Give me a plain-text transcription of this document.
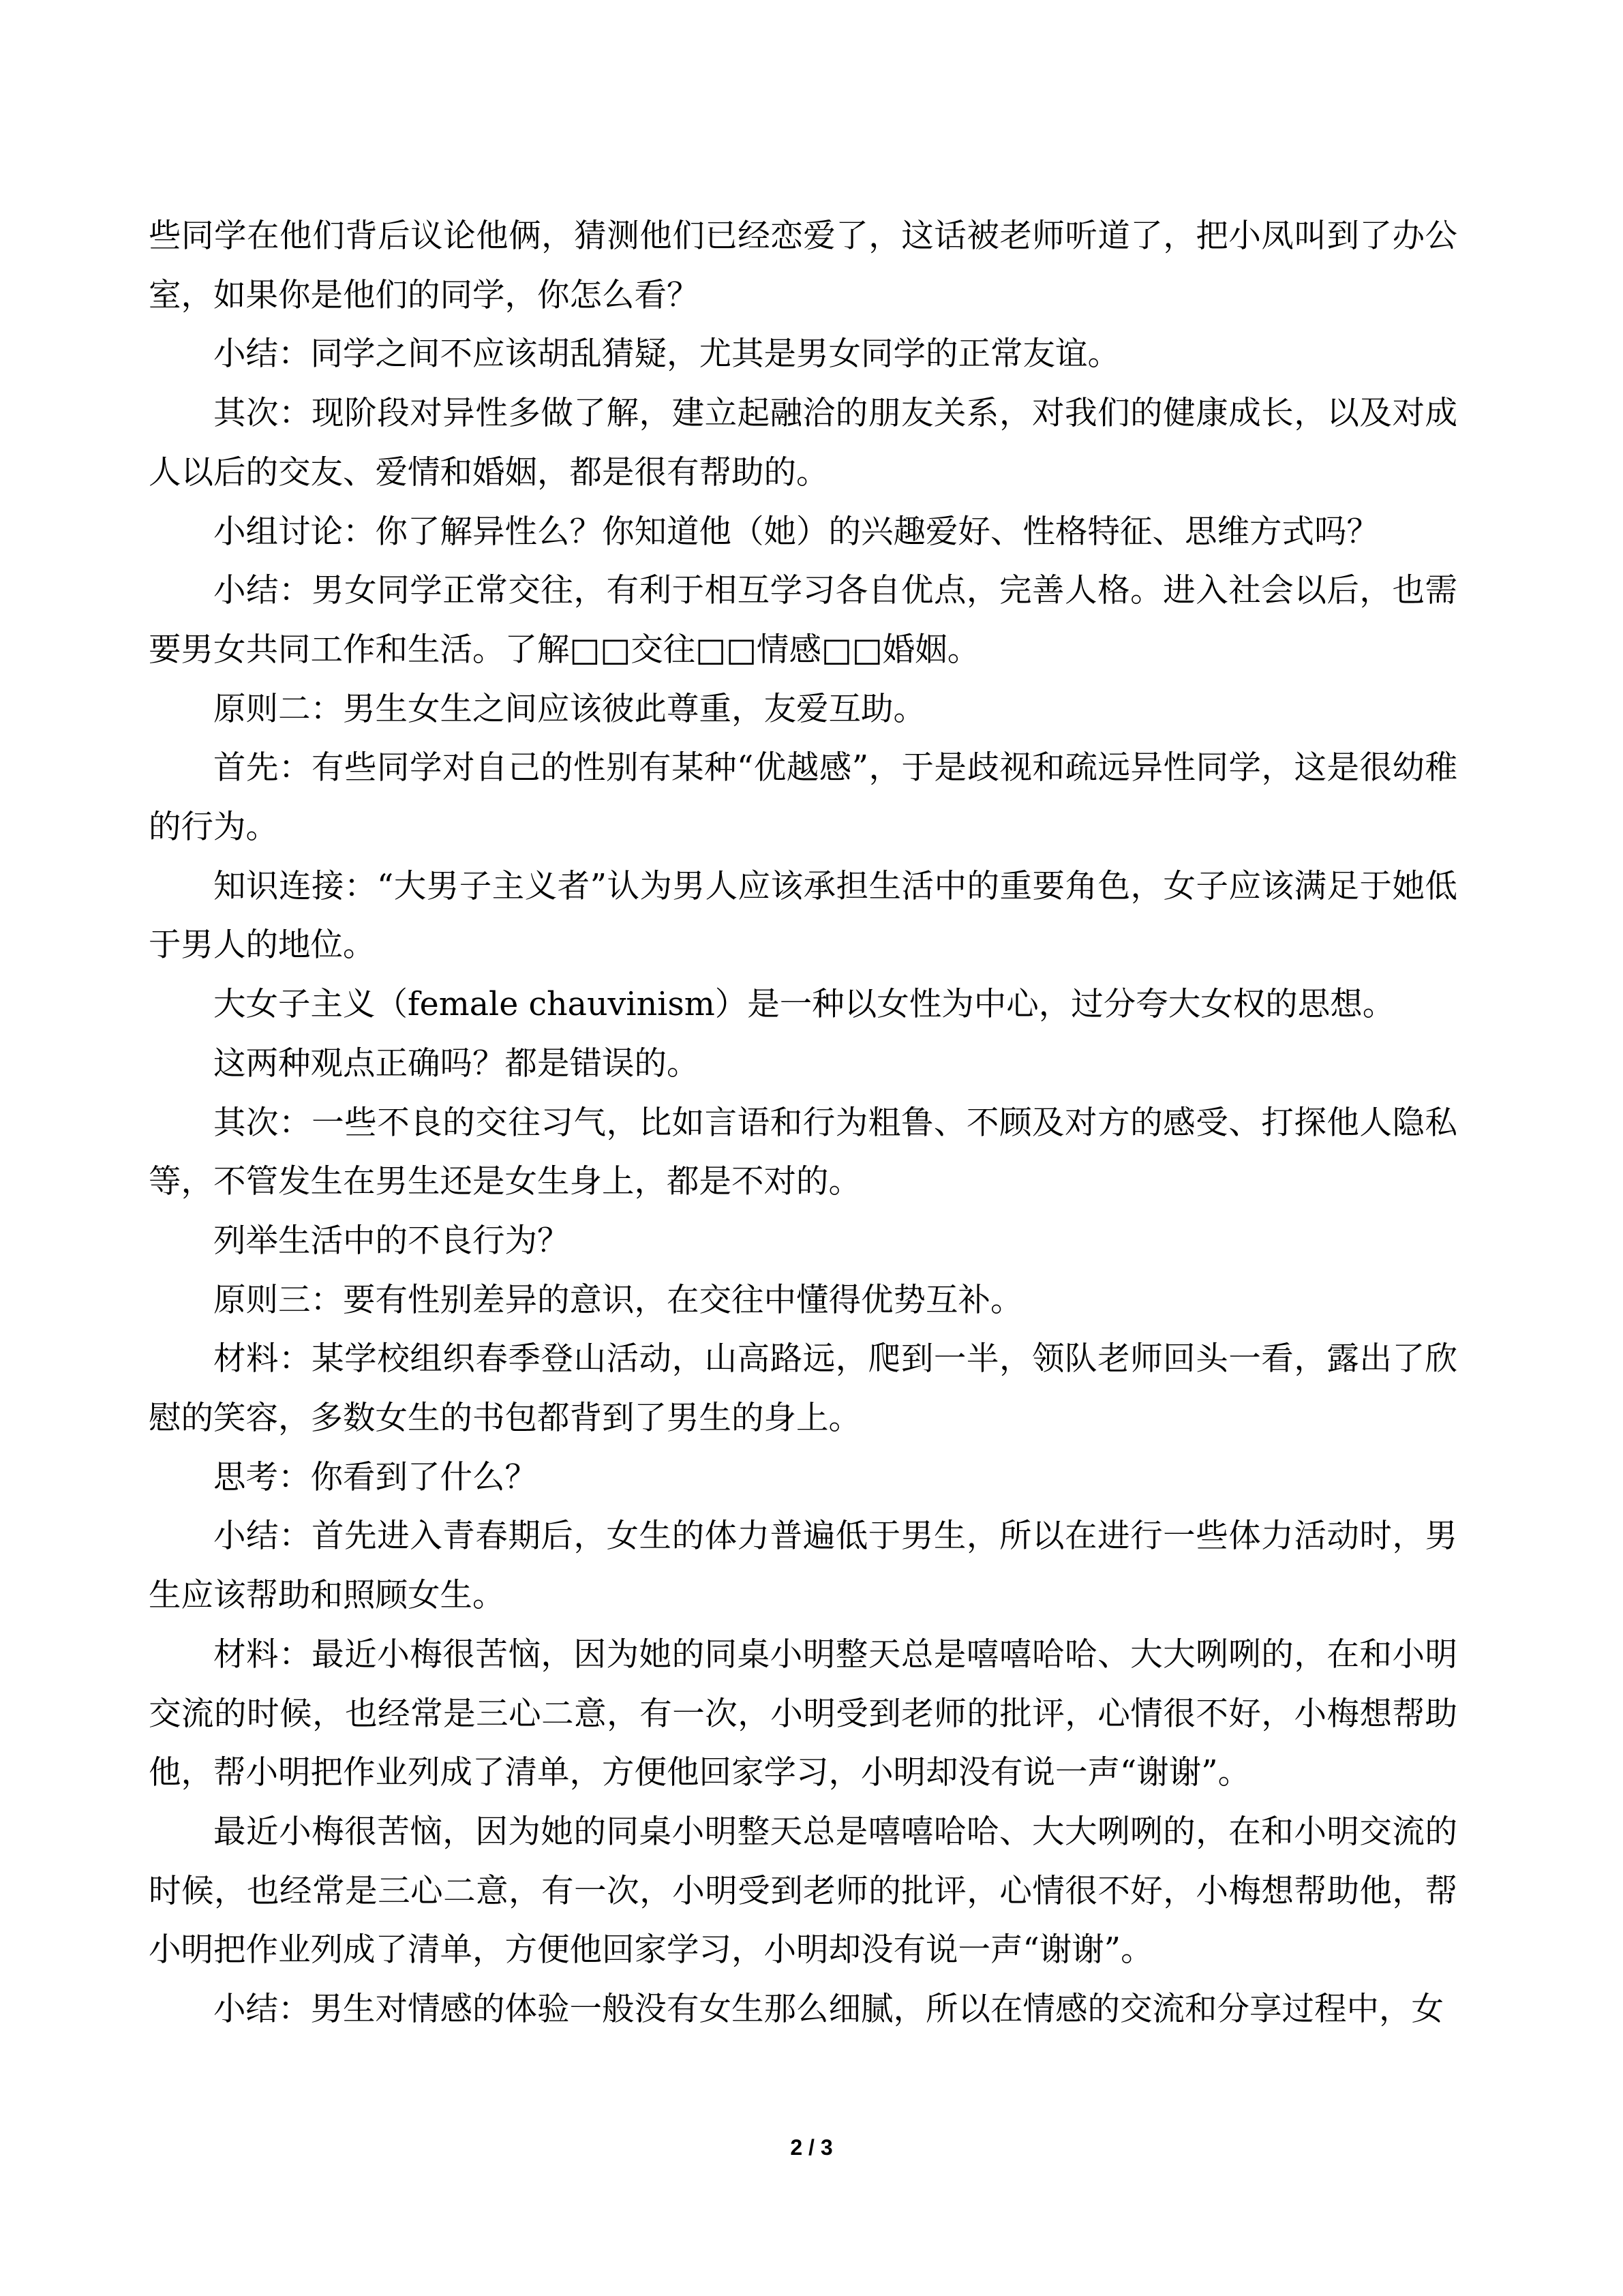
些同学在他们背后议论他俩，猜测他们已经恋爱了，这话被老师听道了，把小凤叫到了办公室，如果你是他们的同学，你怎么看？

小结：同学之间不应该胡乱猜疑，尤其是男女同学的正常友谊。

其次：现阶段对异性多做了解，建立起融洽的朋友关系，对我们的健康成长，以及对成人以后的交友、爱情和婚姻，都是很有帮助的。

小组讨论：你了解异性么？你知道他（她）的兴趣爱好、性格特征、思维方式吗？

小结：男女同学正常交往，有利于相互学习各自优点，完善人格。进入社会以后，也需要男女共同工作和生活。了解□□交往□□情感□□婚姻。

原则二：男生女生之间应该彼此尊重，友爱互助。

首先：有些同学对自己的性别有某种“优越感”，于是歧视和疏远异性同学，这是很幼稚的行为。

知识连接：“大男子主义者”认为男人应该承担生活中的重要角色，女子应该满足于她低于男人的地位。

大女子主义（female chauvinism）是一种以女性为中心，过分夸大女权的思想。

这两种观点正确吗？都是错误的。

其次：一些不良的交往习气，比如言语和行为粗鲁、不顾及对方的感受、打探他人隐私等，不管发生在男生还是女生身上，都是不对的。

列举生活中的不良行为？

原则三：要有性别差异的意识，在交往中懂得优势互补。

材料：某学校组织春季登山活动，山高路远，爬到一半，领队老师回头一看，露出了欣慰的笑容，多数女生的书包都背到了男生的身上。

思考：你看到了什么？

小结：首先进入青春期后，女生的体力普遍低于男生，所以在进行一些体力活动时，男生应该帮助和照顾女生。

材料：最近小梅很苦恼，因为她的同桌小明整天总是嘻嘻哈哈、大大咧咧的，在和小明交流的时候，也经常是三心二意，有一次，小明受到老师的批评，心情很不好，小梅想帮助他，帮小明把作业列成了清单，方便他回家学习，小明却没有说一声“谢谢”。

最近小梅很苦恼，因为她的同桌小明整天总是嘻嘻哈哈、大大咧咧的，在和小明交流的时候，也经常是三心二意，有一次，小明受到老师的批评，心情很不好，小梅想帮助他，帮小明把作业列成了清单，方便他回家学习，小明却没有说一声“谢谢”。

小结：男生对情感的体验一般没有女生那么细腻，所以在情感的交流和分享过程中，女

2 / 3
